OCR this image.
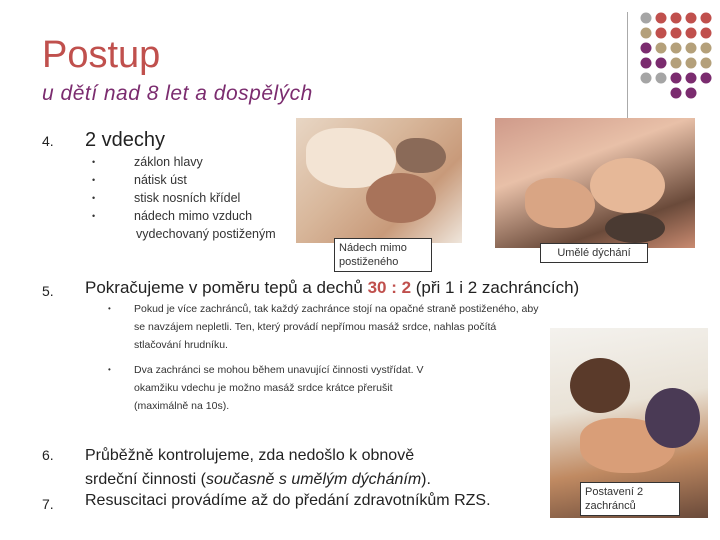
Postup
u dětí nad 8 let a dospělých
4. 2 vdechy
•	záklon hlavy
•	nátisk úst
•	stisk nosních křídel
•	nádech mimo vzduch
vydechovaný postiženým
Nádech mimo postiženého
Umělé dýchání
5. Pokračujeme v poměru tepů a dechů 30 : 2 (při 1 i 2 zachráncích)
• Pokud je více zachránců, tak každý zachránce stojí na opačné straně postiženého, aby se navzájem nepletli. Ten, který provádí nepřímou masáž srdce, nahlas počítá stlačování hrudníku.
• Dva zachránci se mohou během unavující činnosti vystřídat. V okamžiku vdechu je možno masáž srdce krátce přerušit (maximálně na 10s).
Postavení 2 zachránců
6. Průběžně kontrolujeme, zda nedošlo k obnově
srdeční činnosti (současně s umělým dýcháním).
7. Resuscitaci provádíme až do předání zdravotníkům RZS.
